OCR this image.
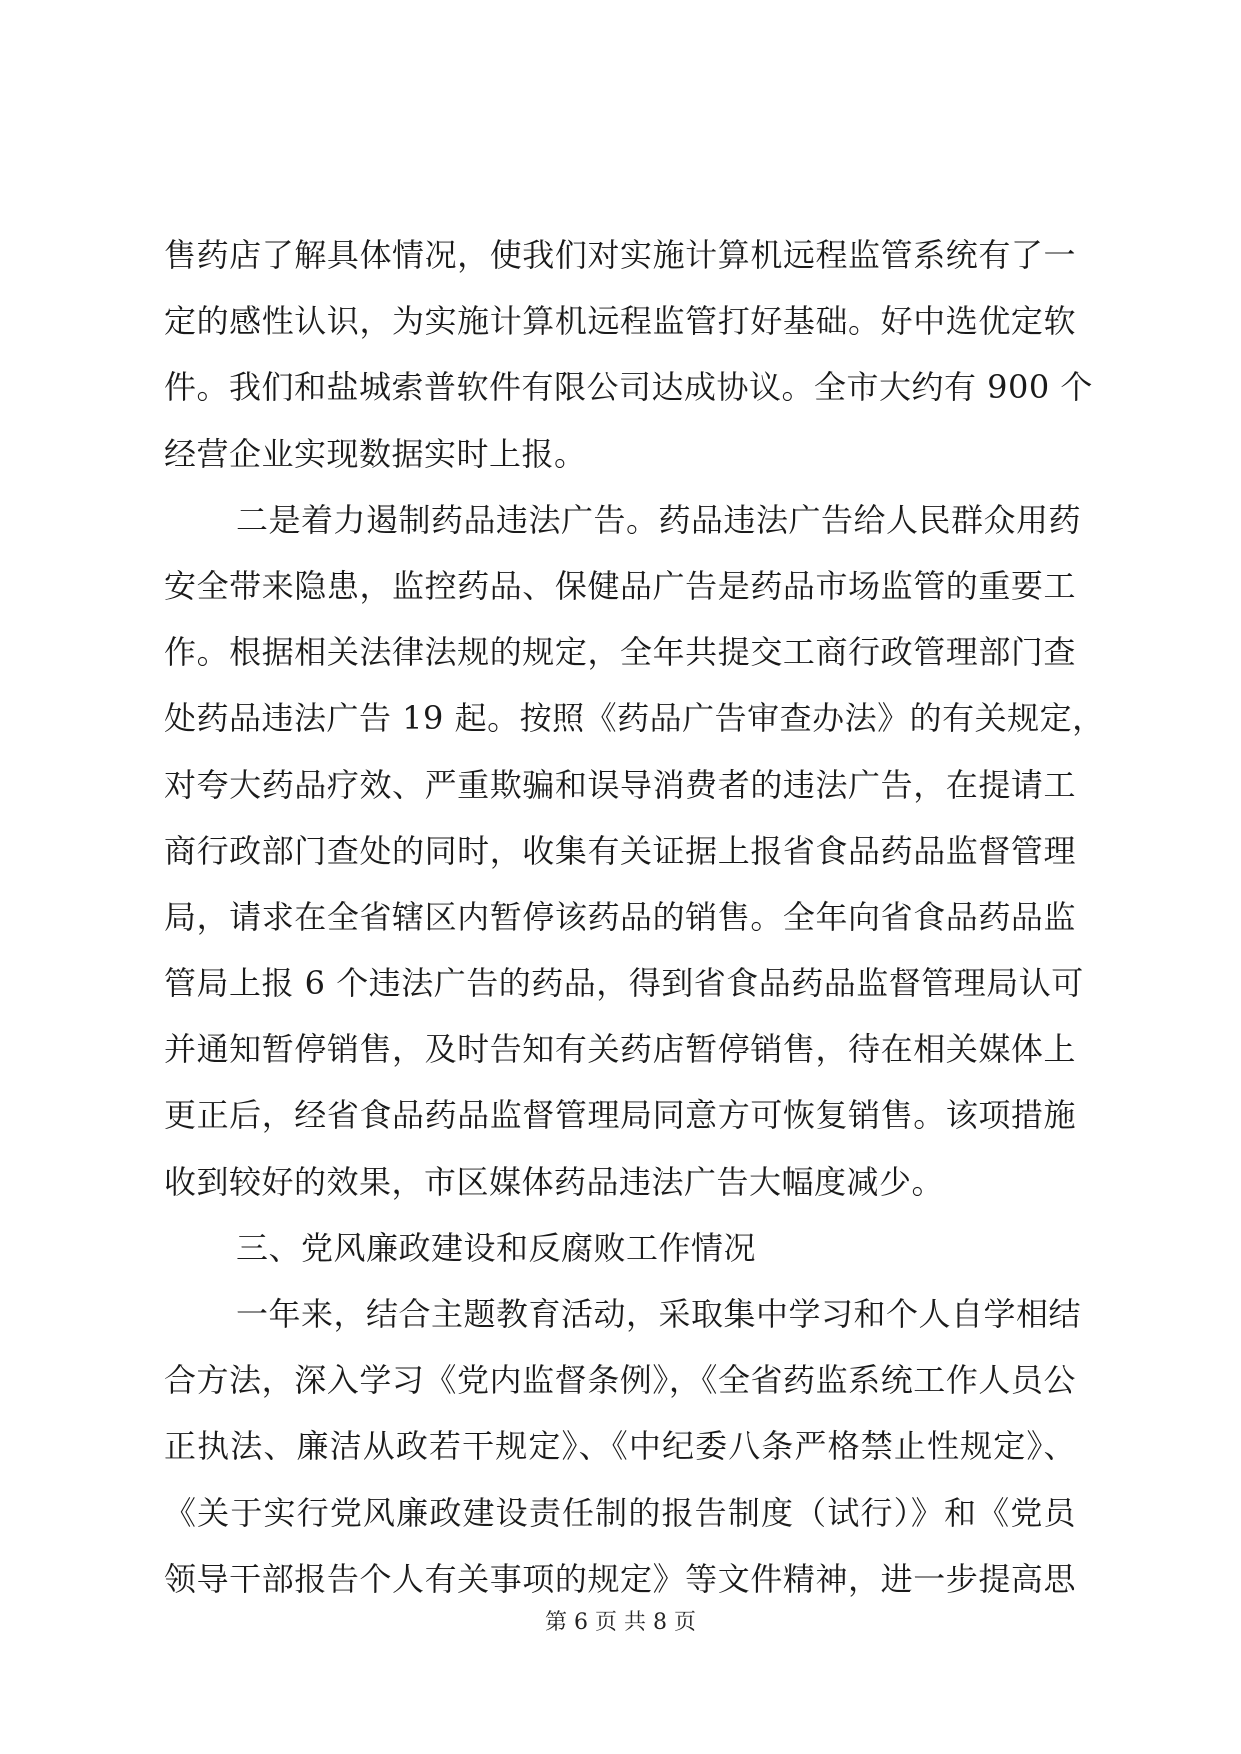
售药店了解具体情况，使我们对实施计算机远程监管系统有了一
定的感性认识，为实施计算机远程监管打好基础。好中选优定软
件。我们和盐城索普软件有限公司达成协议。全市大约有 900 个
经营企业实现数据实时上报。
二是着力遏制药品违法广告。药品违法广告给人民群众用药
安全带来隐患，监控药品、保健品广告是药品市场监管的重要工
作。根据相关法律法规的规定，全年共提交工商行政管理部门查
处药品违法广告 19 起。按照《药品广告审查办法》的有关规定，
对夸大药品疗效、严重欺骗和误导消费者的违法广告，在提请工
商行政部门查处的同时，收集有关证据上报省食品药品监督管理
局，请求在全省辖区内暂停该药品的销售。全年向省食品药品监
管局上报 6 个违法广告的药品，得到省食品药品监督管理局认可
并通知暂停销售，及时告知有关药店暂停销售，待在相关媒体上
更正后，经省食品药品监督管理局同意方可恢复销售。该项措施
收到较好的效果，市区媒体药品违法广告大幅度减少。
三、党风廉政建设和反腐败工作情况
一年来，结合主题教育活动，采取集中学习和个人自学相结
合方法，深入学习《党内监督条例》，《全省药监系统工作人员公
正执法、廉洁从政若干规定》、《中纪委八条严格禁止性规定》、
《关于实行党风廉政建设责任制的报告制度（试行）》和《党员
领导干部报告个人有关事项的规定》等文件精神，进一步提高思
第 6 页 共 8 页
